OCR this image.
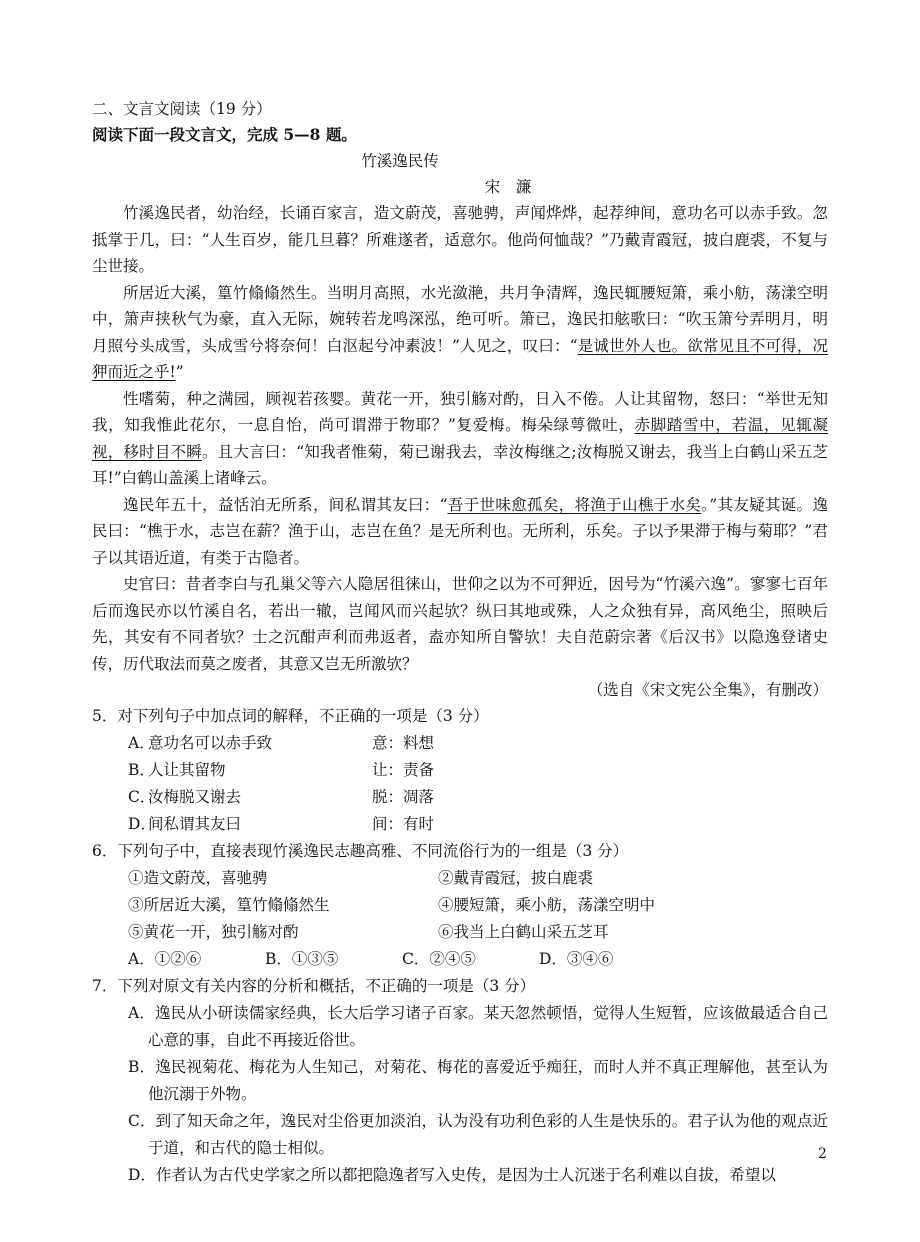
二、文言文阅读（19 分）
阅读下面一段文言文，完成 5—8 题。
竹溪逸民传
宋　濂
竹溪逸民者，幼治经，长诵百家言，造文蔚茂，喜驰骋，声闻烨烨，起荐绅间，意功名可以赤手致。忽抵掌于几，曰：“人生百岁，能几旦暮？所难遂者，适意尔。他尚何恤哉？”乃戴青霞冠，披白鹿裘，不复与尘世接。
所居近大溪，篁竹翛翛然生。当明月高照，水光潋滟，共月争清辉，逸民辄腰短箫，乘小舫，荡漾空明中，箫声挟秋气为豪，直入无际，婉转若龙鸣深泓，绝可听。箫已，逸民扣舷歌曰：“吹玉箫兮弄明月，明月照兮头成雪，头成雪兮将奈何！白沤起兮冲素波！”人见之，叹曰：“是诚世外人也。欲常见且不可得，况狎而近之乎!”
性嗜菊，种之满园，顾视若孩婴。黄花一开，独引觞对酌，日入不倦。人让其留物，怒曰：“举世无知我，知我惟此花尔，一息自怡，尚可谓滞于物耶？”复爱梅。梅朵绿萼微吐，赤脚踏雪中，若温，见辄凝视，移时目不瞬。且大言曰：“知我者惟菊，菊已谢我去，幸汝梅继之;汝梅脱又谢去，我当上白鹤山采五芝耳!”白鹤山盖溪上诸峰云。
逸民年五十，益恬泊无所系，间私谓其友曰：“吾于世味愈孤矣，将渔于山樵于水矣。”其友疑其诞。逸民曰：“樵于水，志岂在薪？渔于山，志岂在鱼？是无所利也。无所利，乐矣。子以予果滞于梅与菊耶？”君子以其语近道，有类于古隐者。
史官曰：昔者李白与孔巢父等六人隐居徂徕山，世仰之以为不可狎近，因号为“竹溪六逸”。寥寥七百年后而逸民亦以竹溪自名，若出一辙，岂闻风而兴起欤？纵曰其地或殊，人之众独有异，高风绝尘，照映后先，其安有不同者欤？士之沉酣声利而弗返者，盍亦知所自警欤！夫自范蔚宗著《后汉书》以隐逸登诸史传，历代取法而莫之废者，其意又岂无所激欤？
（选自《宋文宪公全集》，有删改）
5．对下列句子中加点词的解释，不正确的一项是（3 分）
A．意功名可以赤手致	意：料想
B．人让其留物	让：责备
C．汝梅脱又谢去	脱：凋落
D．间私谓其友曰	间：有时
6．下列句子中，直接表现竹溪逸民志趣高雅、不同流俗行为的一组是（3 分）
①造文蔚茂，喜驰骋	②戴青霞冠，披白鹿裘
③所居近大溪，篁竹翛翛然生	④腰短箫，乘小舫，荡漾空明中
⑤黄花一开，独引觞对酌	⑥我当上白鹤山采五芝耳
A．①②⑥	B．①③⑤	C．②④⑤	D．③④⑥
7．下列对原文有关内容的分析和概括，不正确的一项是（3 分）
A．逸民从小研读儒家经典，长大后学习诸子百家。某天忽然顿悟，觉得人生短暂，应该做最适合自己心意的事，自此不再接近俗世。
B．逸民视菊花、梅花为人生知己，对菊花、梅花的喜爱近乎痴狂，而时人并不真正理解他，甚至认为他沉溺于外物。
C．到了知天命之年，逸民对尘俗更加淡泊，认为没有功利色彩的人生是快乐的。君子认为他的观点近于道，和古代的隐士相似。
D．作者认为古代史学家之所以都把隐逸者写入史传，是因为士人沉迷于名利难以自拔，希望以
2
